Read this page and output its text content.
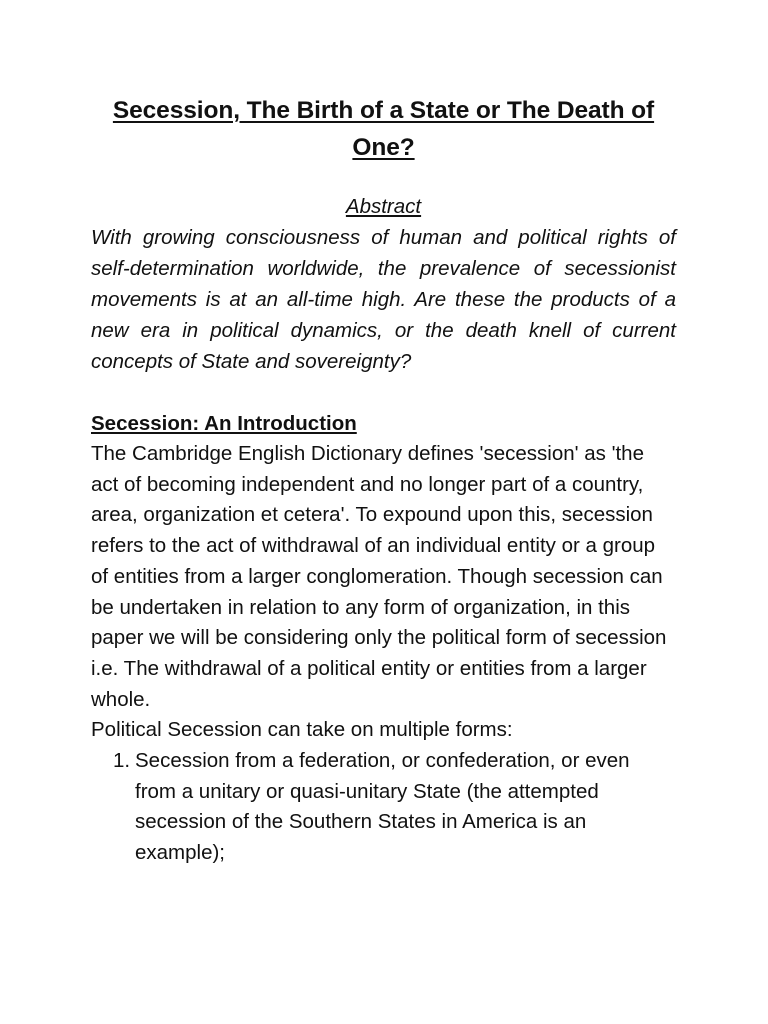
Secession, The Birth of a State or The Death of One?
Abstract

With growing consciousness of human and political rights of self-determination worldwide, the prevalence of secessionist movements is at an all-time high. Are these the products of a new era in political dynamics, or the death knell of current concepts of State and sovereignty?

Secession: An Introduction

The Cambridge English Dictionary defines 'secession' as 'the act of becoming independent and no longer part of a country, area, organization et cetera'. To expound upon this, secession refers to the act of withdrawal of an individual entity or a group of entities from a larger conglomeration. Though secession can be undertaken in relation to any form of organization, in this paper we will be considering only the political form of secession i.e. The withdrawal of a political entity or entities from a larger whole.

Political Secession can take on multiple forms:

1. Secession from a federation, or confederation, or even from a unitary or quasi-unitary State (the attempted secession of the Southern States in America is an example);
